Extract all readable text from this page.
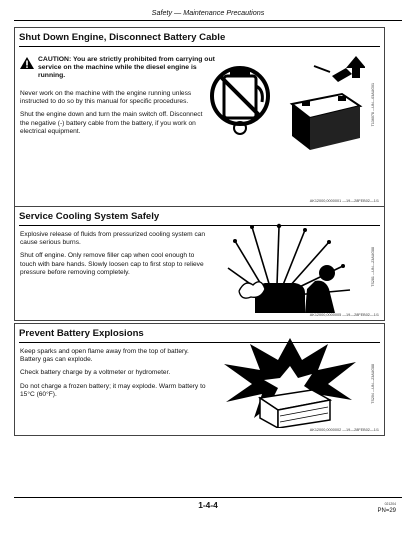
Safety — Maintenance Precautions
Shut Down Engine, Disconnect Battery Cable
CAUTION: You are strictly prohibited from carrying out service on the machine while the diesel engine is running.

Never work on the machine with the engine running unless instructed to do so by this manual for specific procedures.

Shut the engine down and turn the main switch off. Disconnect the negative (-) battery cable from the battery, if you work on electrical equipment.

T136078 —UN—03AUG01
AK12000,0000001 —19—28FEB02—1/1
Service Cooling System Safely

Explosive release of fluids from pressurized cooling system can cause serious burns.

Shut off engine. Only remove filler cap when cool enough to touch with bare hands. Slowly loosen cap to first stop to relieve pressure before removing completely.	TS281 —UN—23AUG88
AK12000,0000005 —19—28FEB02—1/1
Prevent Battery Explosions

Keep sparks and open flame away from the top of battery. Battery gas can explode.

Check battery charge by a voltmeter or hydrometer.

Do not charge a frozen battery; it may explode. Warm battery to 15°C (60°F).	TS204 —UN—23AUG88
AK12000,0000002 —19—28FEB02—1/1
1-4-4	021204
PN=29
